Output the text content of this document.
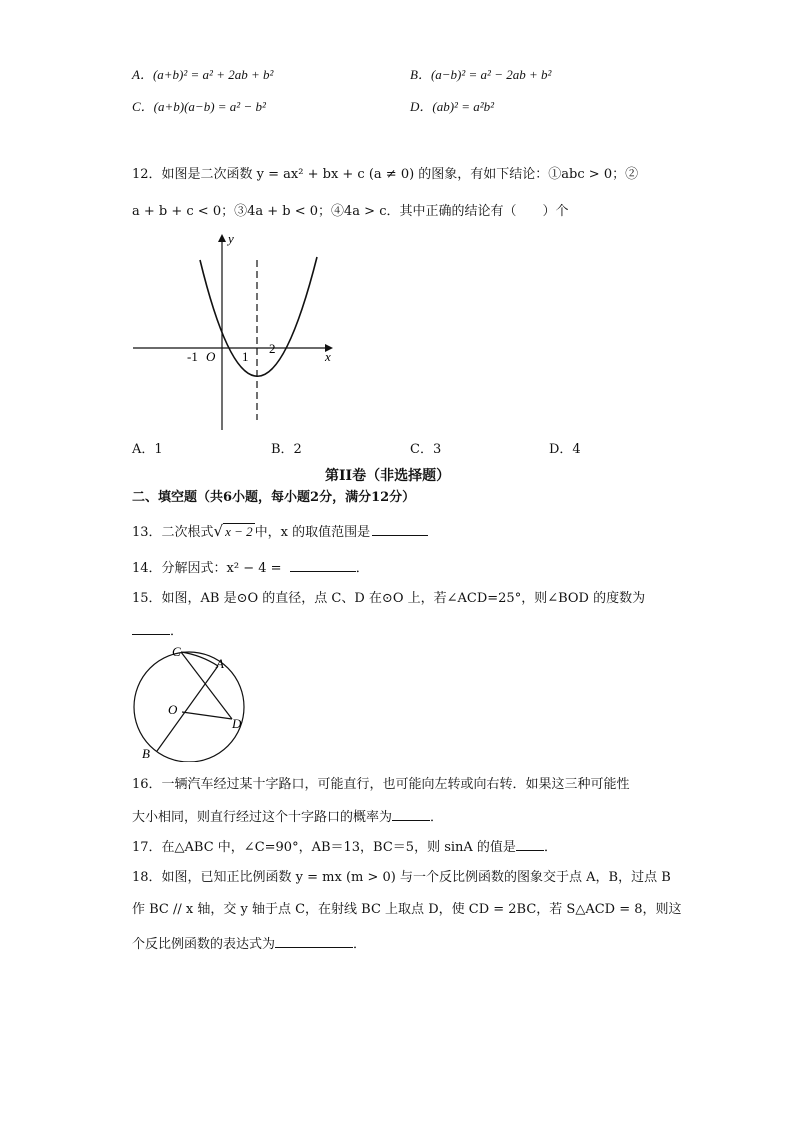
A．(a+b)² = a² + 2ab + b²	B．(a−b)² = a² − 2ab + b²
C．(a+b)(a−b) = a² − b²	D．(ab)² = a²b²
12．如图是二次函数 y = ax² + bx + c (a ≠ 0) 的图象，有如下结论：①abc > 0；②
a + b + c < 0；③4a + b < 0；④4a > c．其中正确的结论有（　　）个
y
x
O
-1	1
2
A．1	B．2	C．3	D．4
第II卷（非选择题）
二、填空题（共6小题，每小题2分，满分12分）
13．二次根式√ x − 2 中，x 的取值范围是
14．分解因式：x² − 4 =	．
15．如图，AB 是⊙O 的直径，点 C、D 在⊙O 上，若∠ACD=25°，则∠BOD 的度数为
．
C
A
O
D
B
16．一辆汽车经过某十字路口，可能直行，也可能向左转或向右转．如果这三种可能性
大小相同，则直行经过这个十字路口的概率为	．
17．在△ABC 中，∠C=90°，AB＝13，BC＝5，则 sinA 的值是 ．
18．如图，已知正比例函数 y = mx (m > 0) 与一个反比例函数的图象交于点 A，B，过点 B
作 BC // x 轴，交 y 轴于点 C，在射线 BC 上取点 D，使 CD = 2BC，若 S△ACD = 8，则这
个反比例函数的表达式为	．
